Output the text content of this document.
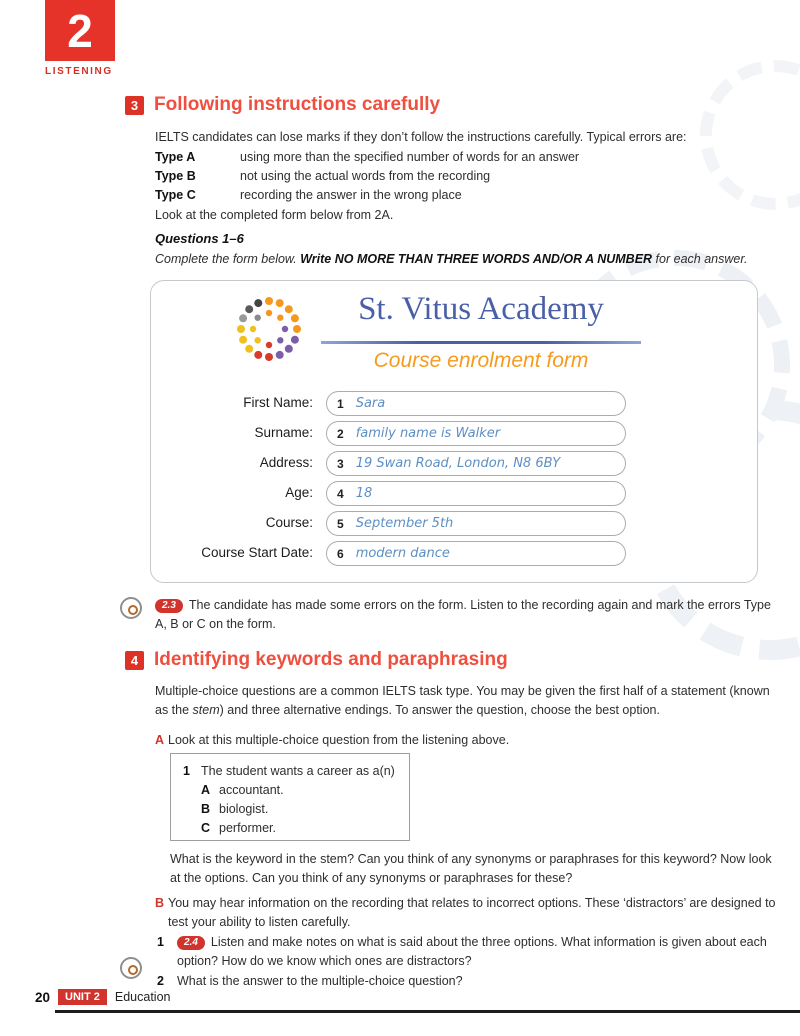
2
LISTENING
3 Following instructions carefully
IELTS candidates can lose marks if they don’t follow the instructions carefully. Typical errors are:
Type A	using more than the specified number of words for an answer
Type B	not using the actual words from the recording
Type C	recording the answer in the wrong place
Look at the completed form below from 2A.
Questions 1–6
Complete the form below. Write NO MORE THAN THREE WORDS AND/OR A NUMBER for each answer.
St. Vitus Academy
Course enrolment form
First Name: 1 Sara
Surname: 2 family name is Walker
Address: 3 19 Swan Road, London, N8 6BY
Age: 4 18
Course: 5 September 5th
Course Start Date: 6 modern dance
2.3 The candidate has made some errors on the form. Listen to the recording again and mark the errors Type A, B or C on the form.
4 Identifying keywords and paraphrasing
Multiple-choice questions are a common IELTS task type. You may be given the first half of a statement (known as the stem) and three alternative endings. To answer the question, choose the best option.
A Look at this multiple-choice question from the listening above.
1 The student wants a career as a(n)
A accountant.
B biologist.
C performer.
What is the keyword in the stem? Can you think of any synonyms or paraphrases for this keyword? Now look at the options. Can you think of any synonyms or paraphrases for these?
B You may hear information on the recording that relates to incorrect options. These ‘distractors’ are designed to test your ability to listen carefully.
1	2.4 Listen and make notes on what is said about the three options. What information is given about each option? How do we know which ones are distractors?
2	What is the answer to the multiple-choice question?
20	UNIT 2	Education
